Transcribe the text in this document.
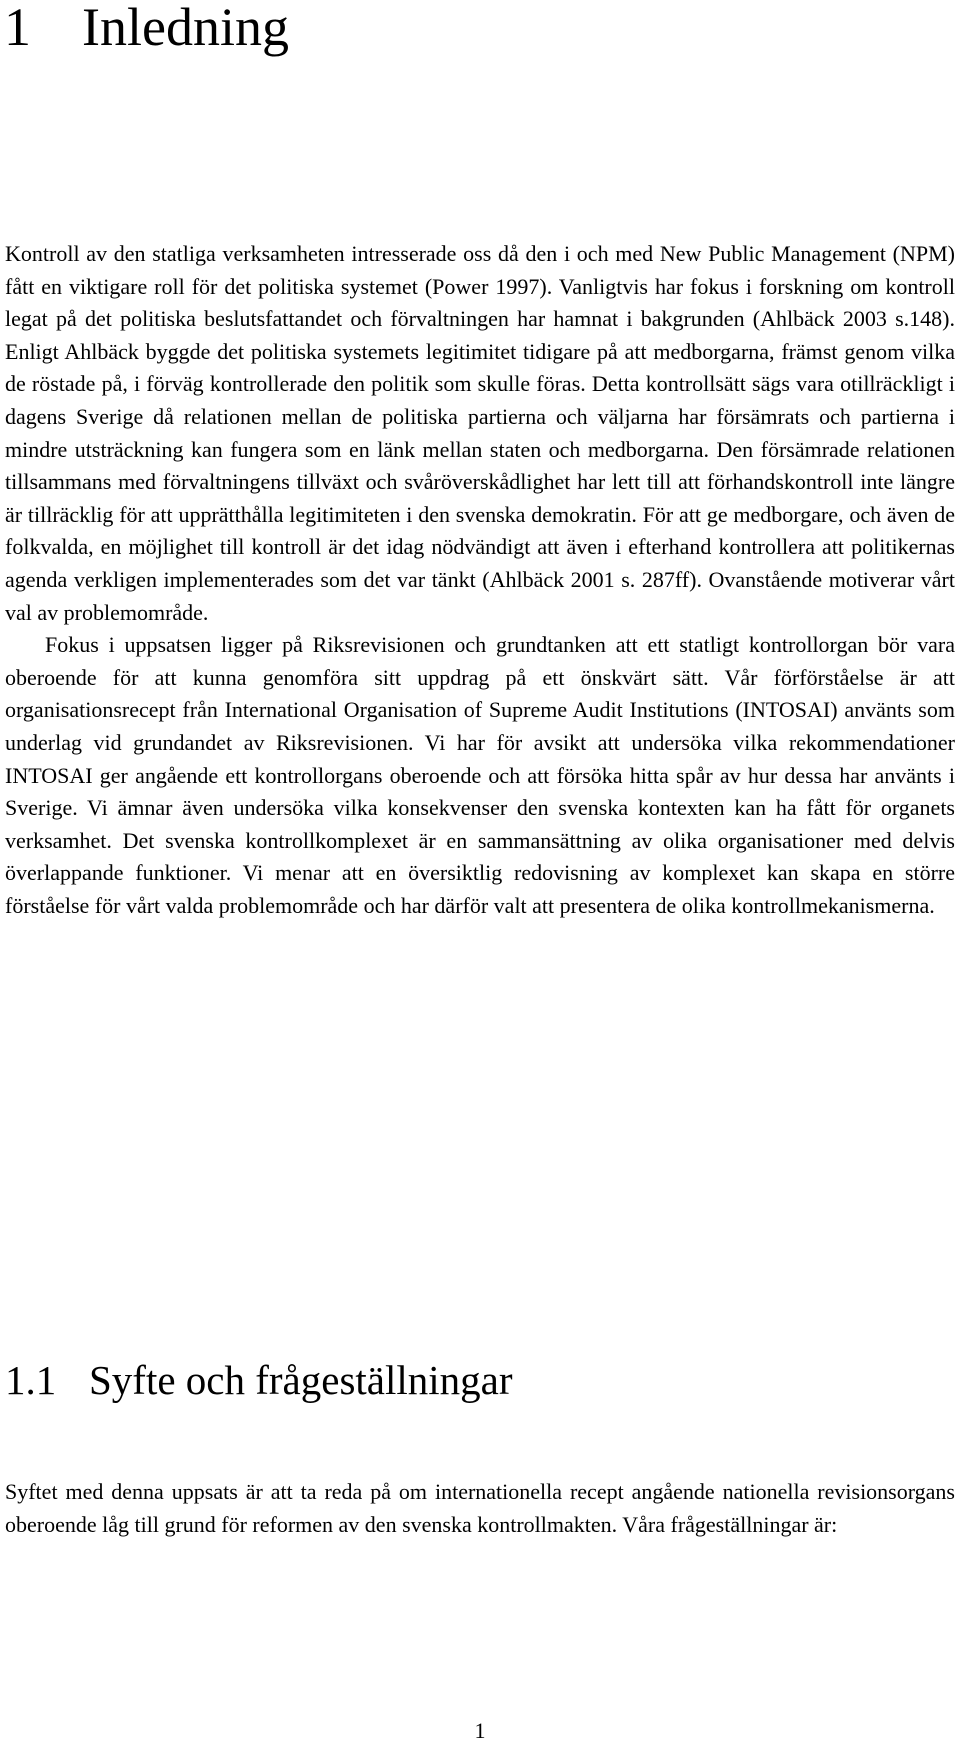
1 Inledning

Kontroll av den statliga verksamheten intresserade oss då den i och med New Public Management (NPM) fått en viktigare roll för det politiska systemet (Power 1997). Vanligtvis har fokus i forskning om kontroll legat på det politiska beslutsfattandet och förvaltningen har hamnat i bakgrunden (Ahlbäck 2003 s.148). Enligt Ahlbäck byggde det politiska systemets legitimitet tidigare på att medborgarna, främst genom vilka de röstade på, i förväg kontrollerade den politik som skulle föras. Detta kontrollsätt sägs vara otillräckligt i dagens Sverige då relationen mellan de politiska partierna och väljarna har försämrats och partierna i mindre utsträckning kan fungera som en länk mellan staten och medborgarna. Den försämrade relationen tillsammans med förvaltningens tillväxt och svåröverskådlighet har lett till att förhandskontroll inte längre är tillräcklig för att upprätthålla legitimiteten i den svenska demokratin. För att ge medborgare, och även de folkvalda, en möjlighet till kontroll är det idag nödvändigt att även i efterhand kontrollera att politikernas agenda verkligen implementerades som det var tänkt (Ahlbäck 2001 s. 287ff). Ovanstående motiverar vårt val av problemområde.

Fokus i uppsatsen ligger på Riksrevisionen och grundtanken att ett statligt kontrollorgan bör vara oberoende för att kunna genomföra sitt uppdrag på ett önskvärt sätt. Vår förförståelse är att organisationsrecept från International Organisation of Supreme Audit Institutions (INTOSAI) använts som underlag vid grundandet av Riksrevisionen. Vi har för avsikt att undersöka vilka rekommendationer INTOSAI ger angående ett kontrollorgans oberoende och att försöka hitta spår av hur dessa har använts i Sverige. Vi ämnar även undersöka vilka konsekvenser den svenska kontexten kan ha fått för organets verksamhet. Det svenska kontrollkomplexet är en sammansättning av olika organisationer med delvis överlappande funktioner. Vi menar att en översiktlig redovisning av komplexet kan skapa en större förståelse för vårt valda problemområde och har därför valt att presentera de olika kontrollmekanismerna.

1.1 Syfte och frågeställningar

Syftet med denna uppsats är att ta reda på om internationella recept angående nationella revisionsorgans oberoende låg till grund för reformen av den svenska kontrollmakten. Våra frågeställningar är:

1
